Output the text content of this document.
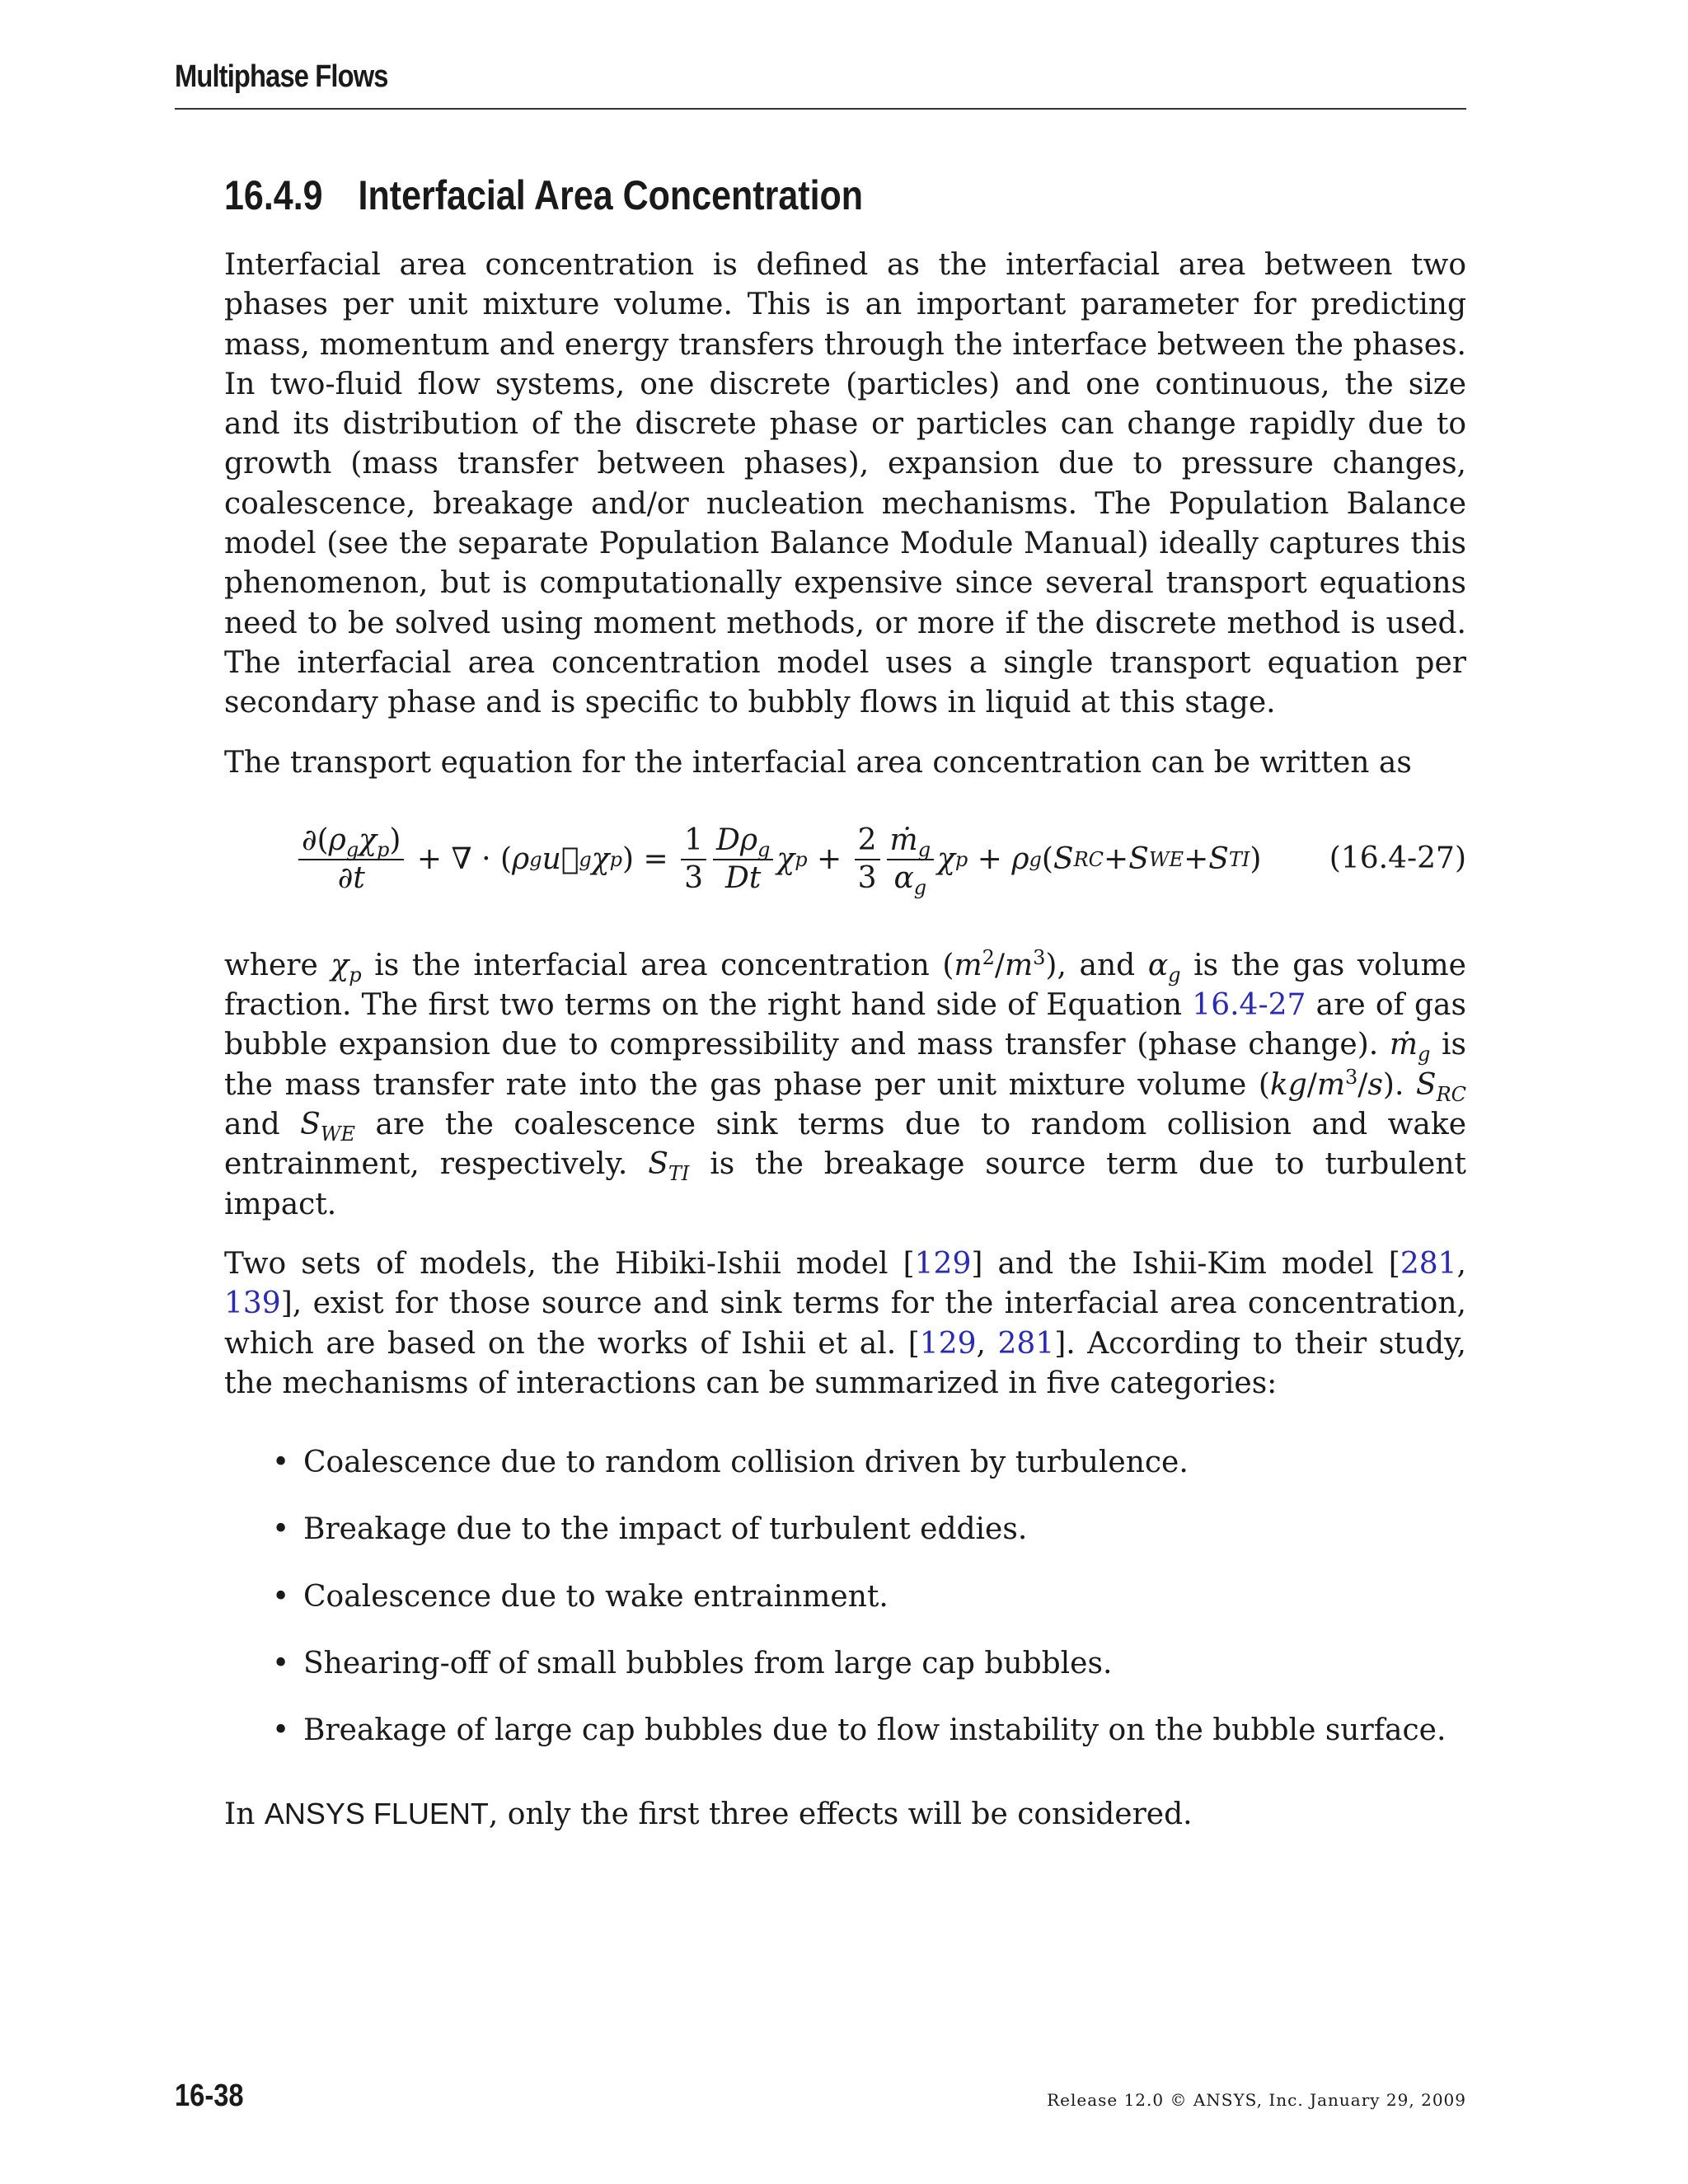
Multiphase Flows
16.4.9 Interfacial Area Concentration

Interfacial area concentration is defined as the interfacial area between two phases per unit mixture volume. This is an important parameter for predicting mass, momentum and energy transfers through the interface between the phases. In two-fluid flow systems, one discrete (particles) and one continuous, the size and its distribution of the discrete phase or particles can change rapidly due to growth (mass transfer between phases), expansion due to pressure changes, coalescence, breakage and/or nucleation mechanisms. The Population Balance model (see the separate Population Balance Module Manual) ideally captures this phenomenon, but is computationally expensive since several transport equations need to be solved using moment methods, or more if the discrete method is used. The interfacial area concentration model uses a single transport equation per secondary phase and is specific to bubbly flows in liquid at this stage.

The transport equation for the interfacial area concentration can be written as

$\frac{\partial(\rho_g\chi_p)}{\partial t}$ + ∇ · ( ρ g u⃗ g χ p ) = $\frac{1}{3} \frac{D\rho_g}{Dt}$ χ $p + \frac{2}{3} \frac{ṁ_g}{\alpha_g}$ χ p + ρ g ( S RC + S WE + S TI ) (16.4-27)

where $\chi_p$ is the interfacial area concentration $(m^2/m^3)$, and $\alpha_g$ is the gas volume fraction. The first two terms on the right hand side of Equation 16.4-27 are of gas bubble expansion due to compressibility and mass transfer (phase change). ṁ$_g$ is the mass transfer rate into the gas phase per unit mixture volume $(kg/m^3/s)$. $S_{RC}$ and $S_{WE}$ are the coalescence sink terms due to random collision and wake entrainment, respectively. $S_{TI}$ is the breakage source term due to turbulent impact.

Two sets of models, the Hibiki-Ishii model [129] and the Ishii-Kim model [281, 139], exist for those source and sink terms for the interfacial area concentration, which are based on the works of Ishii et al. [129, 281]. According to their study, the mechanisms of interactions can be summarized in five categories:

• Coalescence due to random collision driven by turbulence.
• Breakage due to the impact of turbulent eddies.
• Coalescence due to wake entrainment.
• Shearing-off of small bubbles from large cap bubbles.
• Breakage of large cap bubbles due to flow instability on the bubble surface.

In ANSYS FLUENT, only the first three effects will be considered.

16-38	Release 12.0 © ANSYS, Inc. January 29, 2009
